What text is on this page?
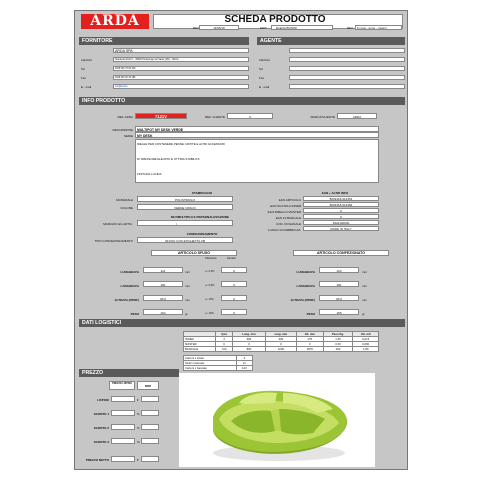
ARDA	SCHEDA PRODOTTO
REV	11/06/19	EDIT	ELENA BONINI	REV	6 mesi - anno - mesini
FORNITORE
ARDA SPA
Indirizzo	Strada del Fratti 7 - 35029 Pontelongo del Santo (VR) - ITALIA
Tel	0049 046 75 00 316
Fax	0049 046 00 45 186
E - mail	info@arda.it
AGENTE
Indirizzo
Tel
Fax
E - mail
INFO PRODOTTO
REF. ARDA	7121V	REF. CLIENTE	0	MARCA/CLIENTE	ARDA
DESCRIZIONE	MULTIPOT MY DESK VERDE
SERIE	MY DESK
IDEALE PER CONTENERE PENNE, MATITE E ALTRI ACCESSORI
DI SPESSORE ELEVATO E OTTIMA STABILITA'
FINITURA LUCIDA
STAMPAGGIO
MATERIALE	POLISTIROLO
COLORE	VERDE OPACO
MLT/MULTIPLO E PERSONALIZZAZIONE
MARCHIO EG ARTIC.	/
CONFEZIONAMENTO
TIPO CONFEZIONAMENTO	SFUSO CON ETICHETTA CB
EAN + ALTRI INFO
EAN ARTICOLO	8003418-014351
EAN SCATOLA INNER	8003418-014382
EAN IMBALLO MASTER	0
EAN 13 BANCALE	0
COD. DOGANALE	3924100000
LUOGO DI FABBRICAZ.	MADE IN ITALY
ARTICOLO SFUSO
Tolleranza	Detratto
LUNGHEZZA	121	mm	+/- 0,5%	0
LARGHEZZA	181	mm	+/- 0,5%	0
ALTEZZA (PROF)	90,0	mm	+/- 15%	0
PESO	164	gr	+/- 15%	0
ARTICOLO CONFEZIONATO
LUNGHEZZA	123	mm
LARGHEZZA	181	mm
ALTEZZA (PROF)	90,0	mm
PESO	165	gr
DATI LOGISTICI
	Q.ta	Lung. mm	Larg. mm	Alt. mm	Peso Kg.	Vol. m3
INNER	4	366	306	175	1,36	0,013
MASTER	0	0	0	0	0,00	0,000
BANCALE	720	800	1200	1870	160	1,80
Cartoni x strato	4
Strati x bancale	11
Cartoni x bancale	120
PREZZO
PREZZO LISTINO
DDP
LISTINO	€
SCONTO 1	%
SCONTO 2	%
SCONTO 3	%
PREZZO NETTO	€
